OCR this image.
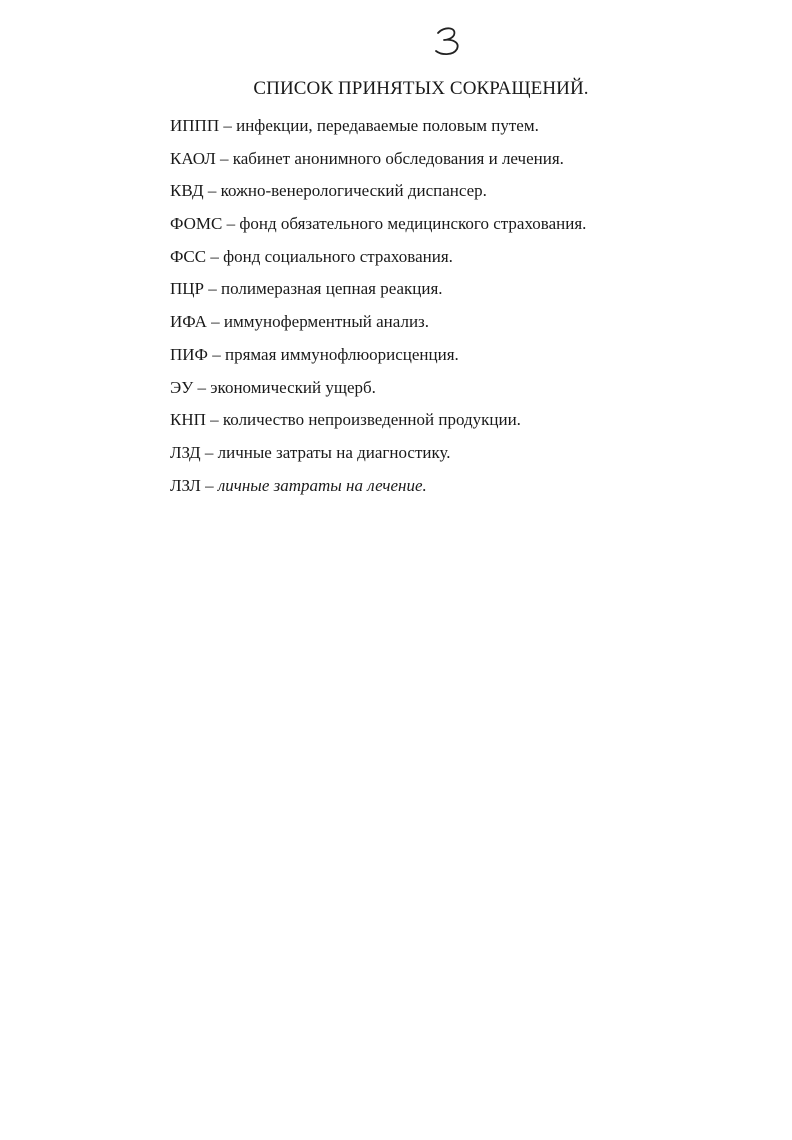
СПИСОК ПРИНЯТЫХ СОКРАЩЕНИЙ.
ИППП – инфекции, передаваемые половым путем.
КАОЛ – кабинет анонимного обследования и лечения.
КВД – кожно-венерологический диспансер.
ФОМС – фонд обязательного медицинского страхования.
ФСС – фонд социального страхования.
ПЦР – полимеразная цепная реакция.
ИФА – иммуноферментный анализ.
ПИФ – прямая иммунофлюорисценция.
ЭУ – экономический ущерб.
КНП – количество непроизведенной продукции.
ЛЗД – личные затраты на диагностику.
ЛЗЛ – личные затраты на лечение.
